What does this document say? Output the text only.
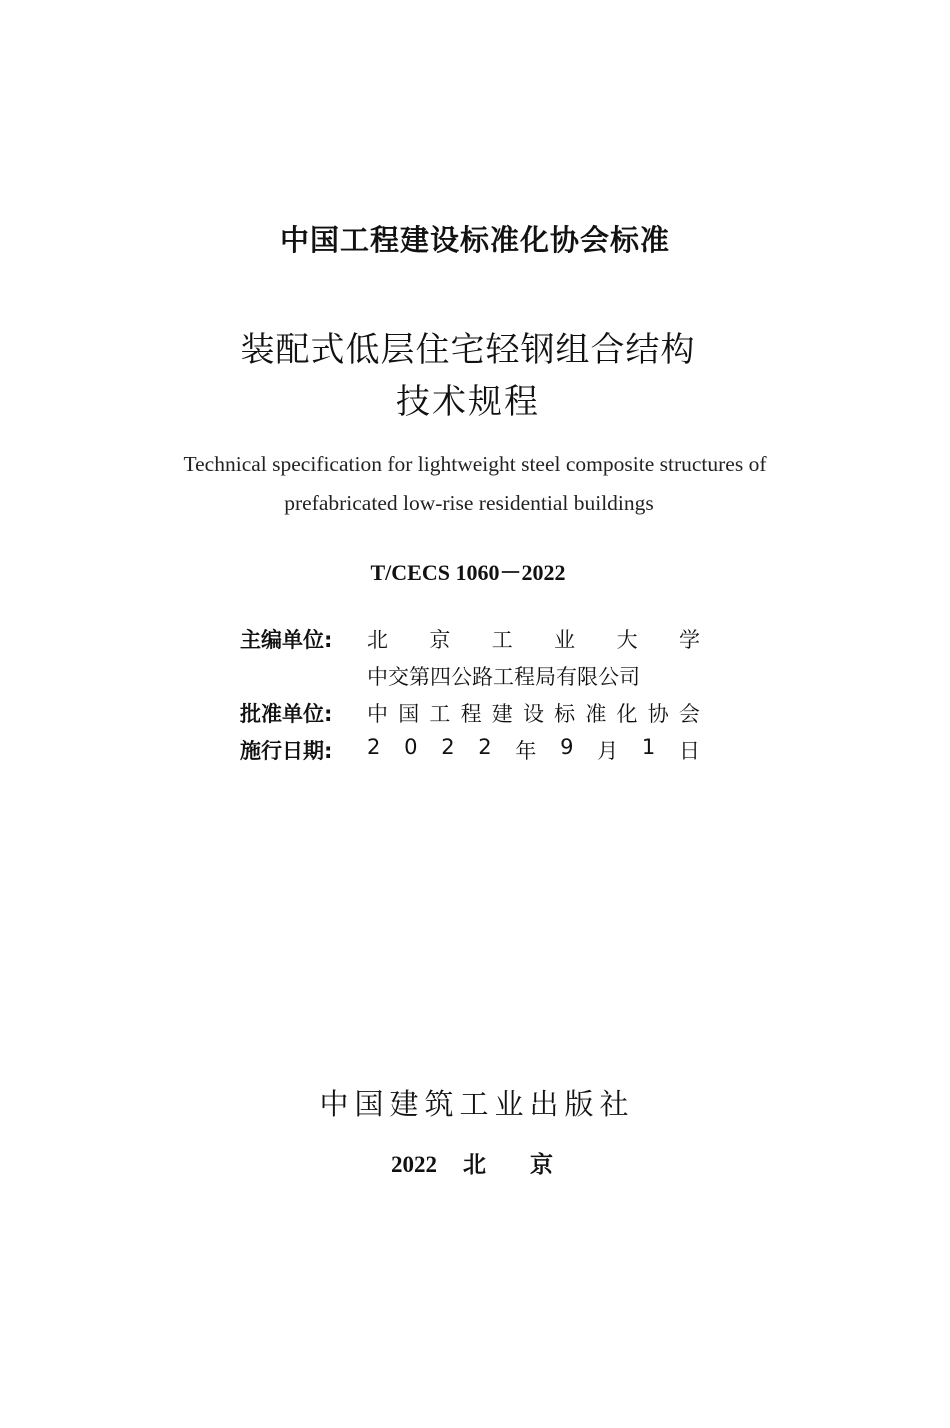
中国工程建设标准化协会标准
装配式低层住宅轻钢组合结构
技术规程
Technical specification for lightweight steel composite structures of
prefabricated low-rise residential buildings
T/CECS 1060－2022
主编单位:	北 京 工 业 大 学
中交第四公路工程局有限公司
批准单位:	中 国 工 程 建 设 标 准 化 协 会
施行日期:	2 0 2 2 年 9 月 1 日
中国建筑工业出版社
2022 北 京
